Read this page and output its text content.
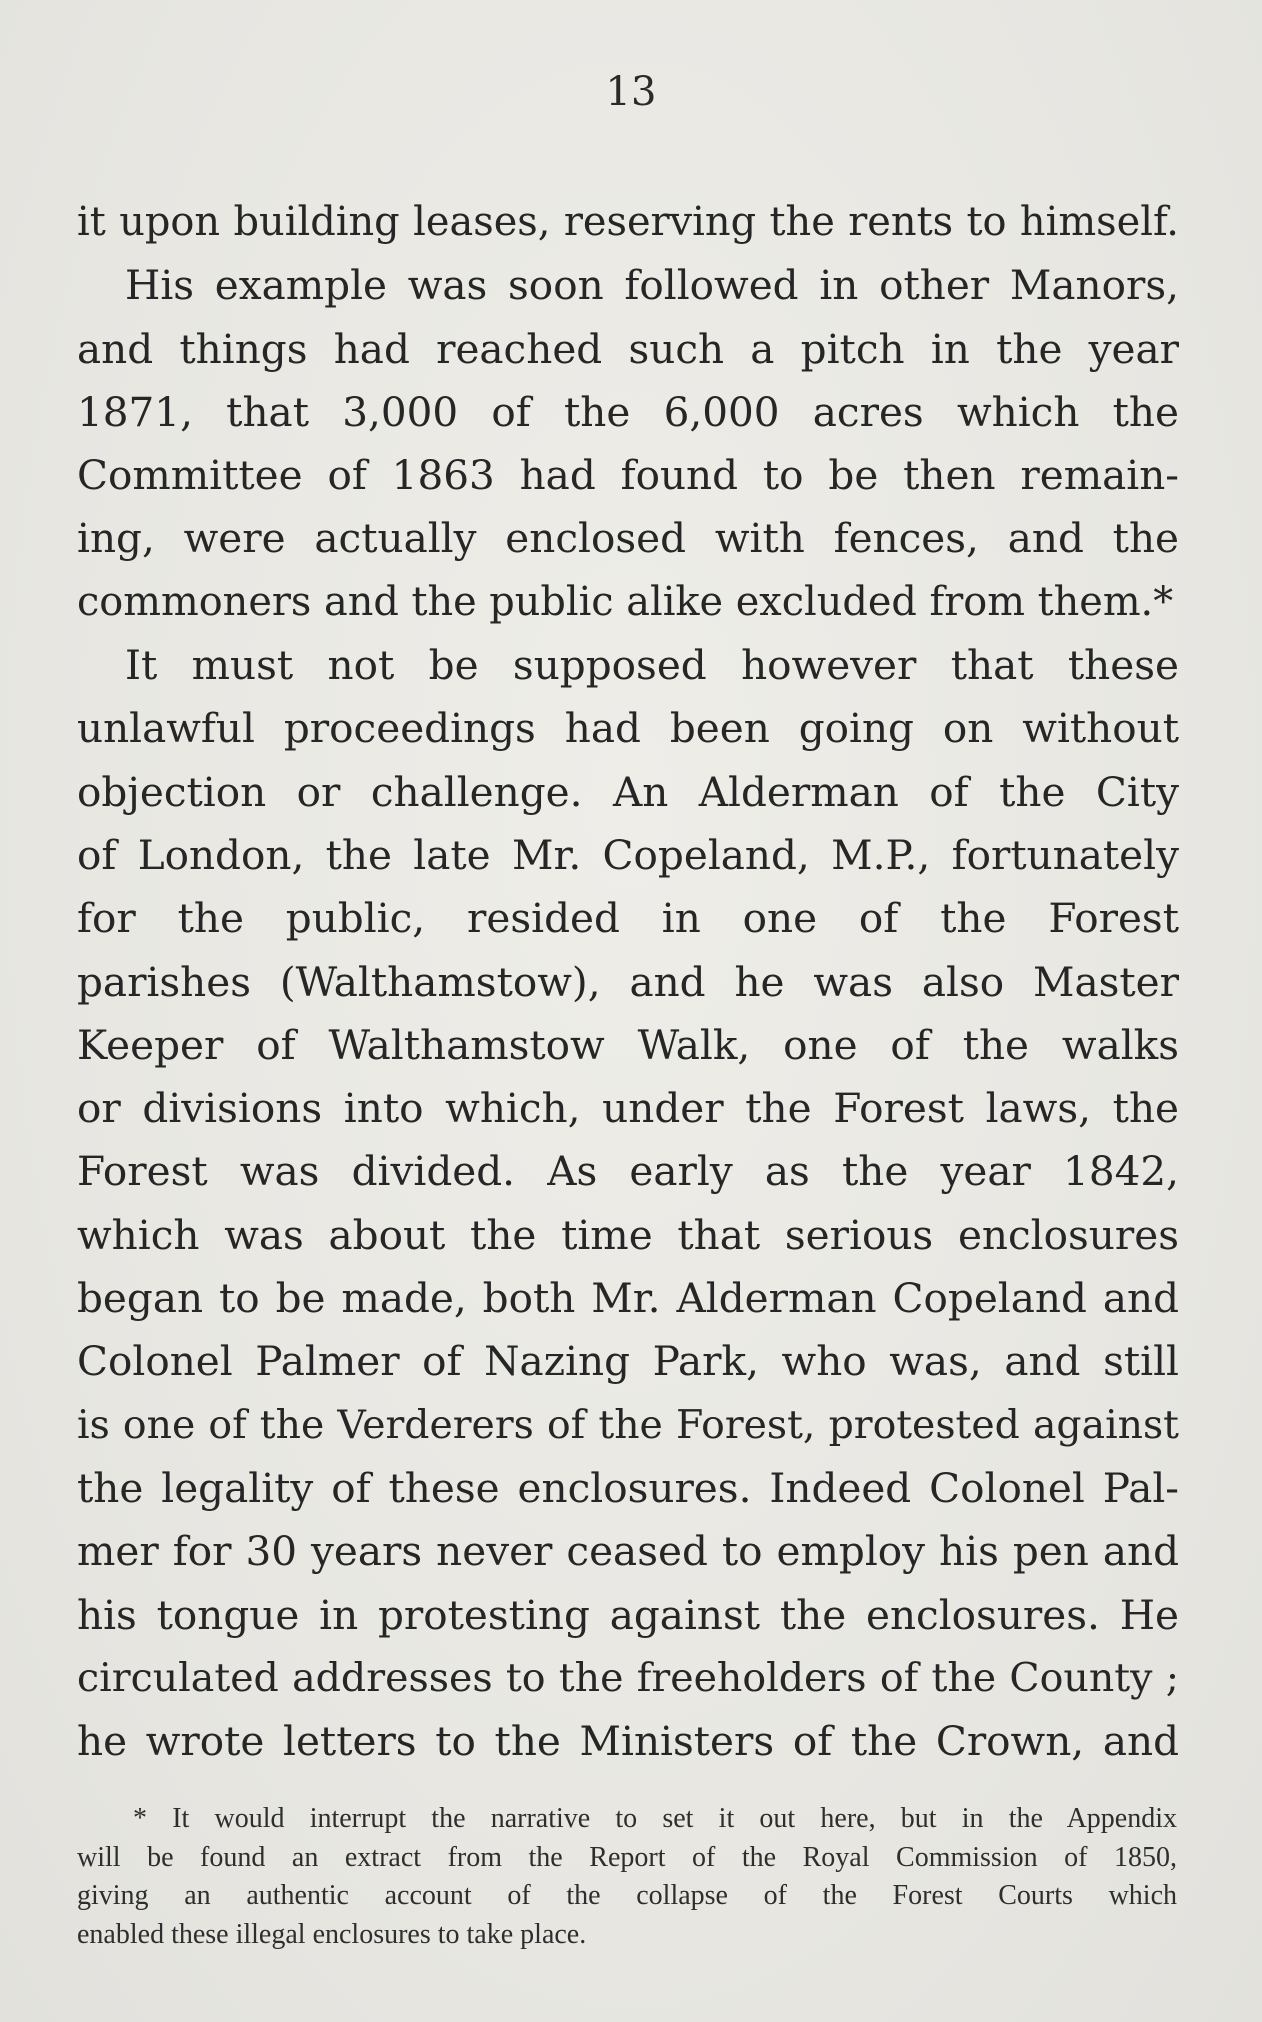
13
it upon building leases, reserving the rents to himself.
His example was soon followed in other Manors,
and things had reached such a pitch in the year
1871, that 3,000 of the 6,000 acres which the
Committee of 1863 had found to be then remain-
ing, were actually enclosed with fences, and the
commoners and the public alike excluded from them.*
It must not be supposed however that these
unlawful proceedings had been going on without
objection or challenge. An Alderman of the City
of London, the late Mr. Copeland, M.P., fortunately
for the public, resided in one of the Forest
parishes (Walthamstow), and he was also Master
Keeper of Walthamstow Walk, one of the walks
or divisions into which, under the Forest laws, the
Forest was divided. As early as the year 1842,
which was about the time that serious enclosures
began to be made, both Mr. Alderman Copeland and
Colonel Palmer of Nazing Park, who was, and still
is one of the Verderers of the Forest, protested against
the legality of these enclosures. Indeed Colonel Pal-
mer for 30 years never ceased to employ his pen and
his tongue in protesting against the enclosures. He
circulated addresses to the freeholders of the County ;
he wrote letters to the Ministers of the Crown, and
* It would interrupt the narrative to set it out here, but in the Appendix
will be found an extract from the Report of the Royal Commission of 1850,
giving an authentic account of the collapse of the Forest Courts which
enabled these illegal enclosures to take place.
